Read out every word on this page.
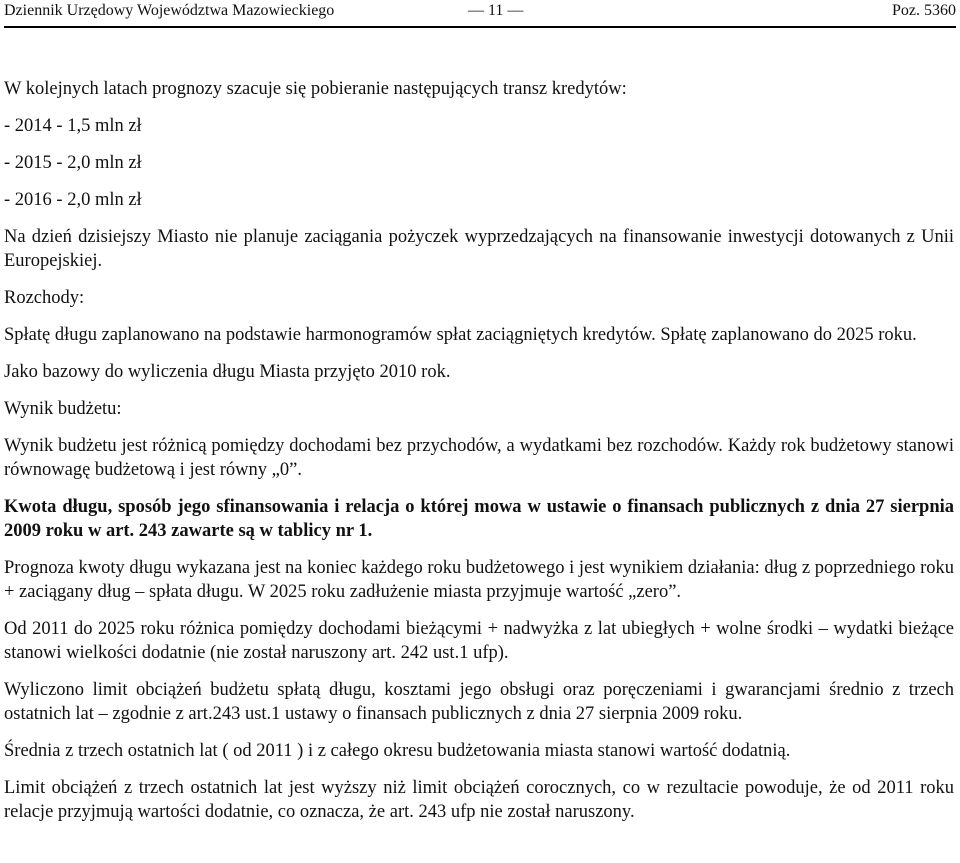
Dziennik Urzędowy Województwa Mazowieckiego	— 11 —	Poz. 5360

W kolejnych latach prognozy szacuje się pobieranie następujących transz kredytów:

- 2014 - 1,5 mln zł

- 2015 - 2,0 mln zł

- 2016 - 2,0 mln zł

Na dzień dzisiejszy Miasto nie planuje zaciągania pożyczek wyprzedzających na finansowanie inwestycji dotowanych z Unii Europejskiej.

Rozchody:

Spłatę długu zaplanowano na podstawie harmonogramów spłat zaciągniętych kredytów. Spłatę zaplanowano do 2025 roku.

Jako bazowy do wyliczenia długu Miasta przyjęto 2010 rok.

Wynik budżetu:

Wynik budżetu jest różnicą pomiędzy dochodami bez przychodów, a wydatkami bez rozchodów. Każdy rok budżetowy stanowi równowagę budżetową i jest równy „0”.

Kwota długu, sposób jego sfinansowania i relacja o której mowa w ustawie o finansach publicznych z dnia 27 sierpnia 2009 roku w art. 243 zawarte są w tablicy nr 1.

Prognoza kwoty długu wykazana jest na koniec każdego roku budżetowego i jest wynikiem działania: dług z poprzedniego roku + zaciągany dług – spłata długu. W 2025 roku zadłużenie miasta przyjmuje wartość „zero”.

Od 2011 do 2025 roku różnica pomiędzy dochodami bieżącymi + nadwyżka z lat ubiegłych + wolne środki – wydatki bieżące stanowi wielkości dodatnie (nie został naruszony art. 242 ust.1 ufp).

Wyliczono limit obciążeń budżetu spłatą długu, kosztami jego obsługi oraz poręczeniami i gwarancjami średnio z trzech ostatnich lat – zgodnie z art.243 ust.1 ustawy o finansach publicznych z dnia 27 sierpnia 2009 roku.

Średnia z trzech ostatnich lat ( od 2011 ) i z całego okresu budżetowania miasta stanowi wartość dodatnią.

Limit obciążeń z trzech ostatnich lat jest wyższy niż limit obciążeń corocznych, co w rezultacie powoduje, że od 2011 roku relacje przyjmują wartości dodatnie, co oznacza, że art. 243 ufp nie został naruszony.
